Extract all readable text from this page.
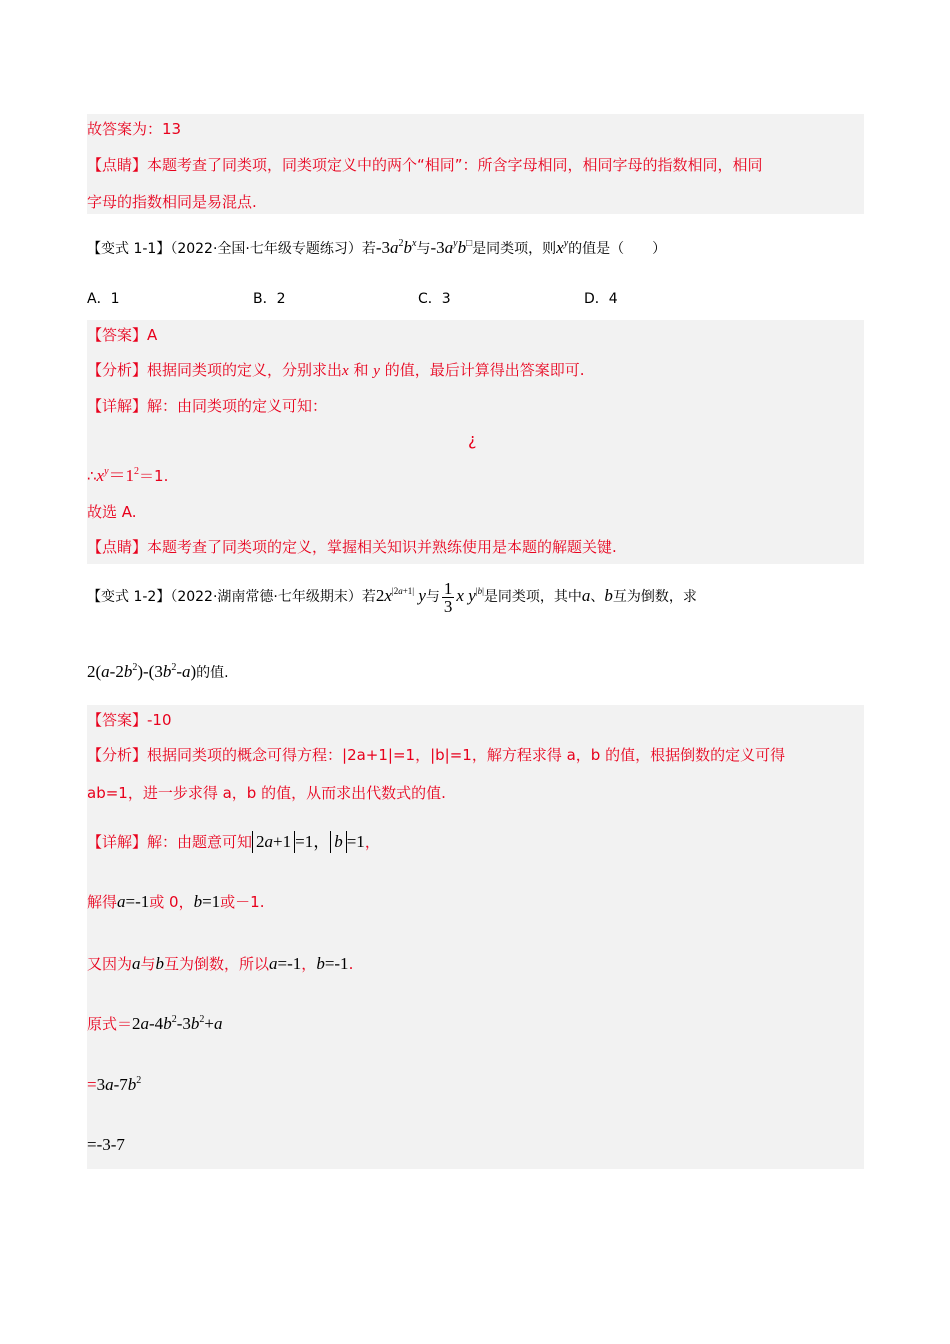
故答案为：13
【点睛】本题考查了同类项，同类项定义中的两个“相同”：所含字母相同，相同字母的指数相同，相同
字母的指数相同是易混点.
【变式 1-1】（2022·全国·七年级专题练习）若$-3a^2b^x$与$-3a^yb^□$是同类项，则$x^y$的值是（　　）
A．1	B．2	C．3	D．4
【答案】A
【分析】根据同类项的定义，分别求出x 和 y 的值，最后计算得出答案即可.
【详解】解：由同类项的定义可知：
¿
$\therefore x^y=1^2=1$.
故选 A.
【点睛】本题考查了同类项的定义，掌握相关知识并熟练使用是本题的解题关键.
【变式 1-2】（2022·湖南常德·七年级期末）若$2x^{|2a+1|}$ y与 $\frac{1}{3}$ x $y^{|b|}$是同类项，其中a、b互为倒数，求
$2(a-2b^2)-(3b^2-a)$的值.
【答案】-10
【分析】根据同类项的概念可得方程：|2a+1|=1，|b|=1，解方程求得 a，b 的值，根据倒数的定义可得
ab=1，进一步求得 a，b 的值，从而求出代数式的值.
【详解】解：由题意可知 2a+1 =1， b =1，
解得a=-1或 0，b=1或－1.
又因为a与b互为倒数，所以a=-1，b=-1.
原式$=2a-4b^2-3b^2+a$
$=3a-7b^2$
=-3-7
